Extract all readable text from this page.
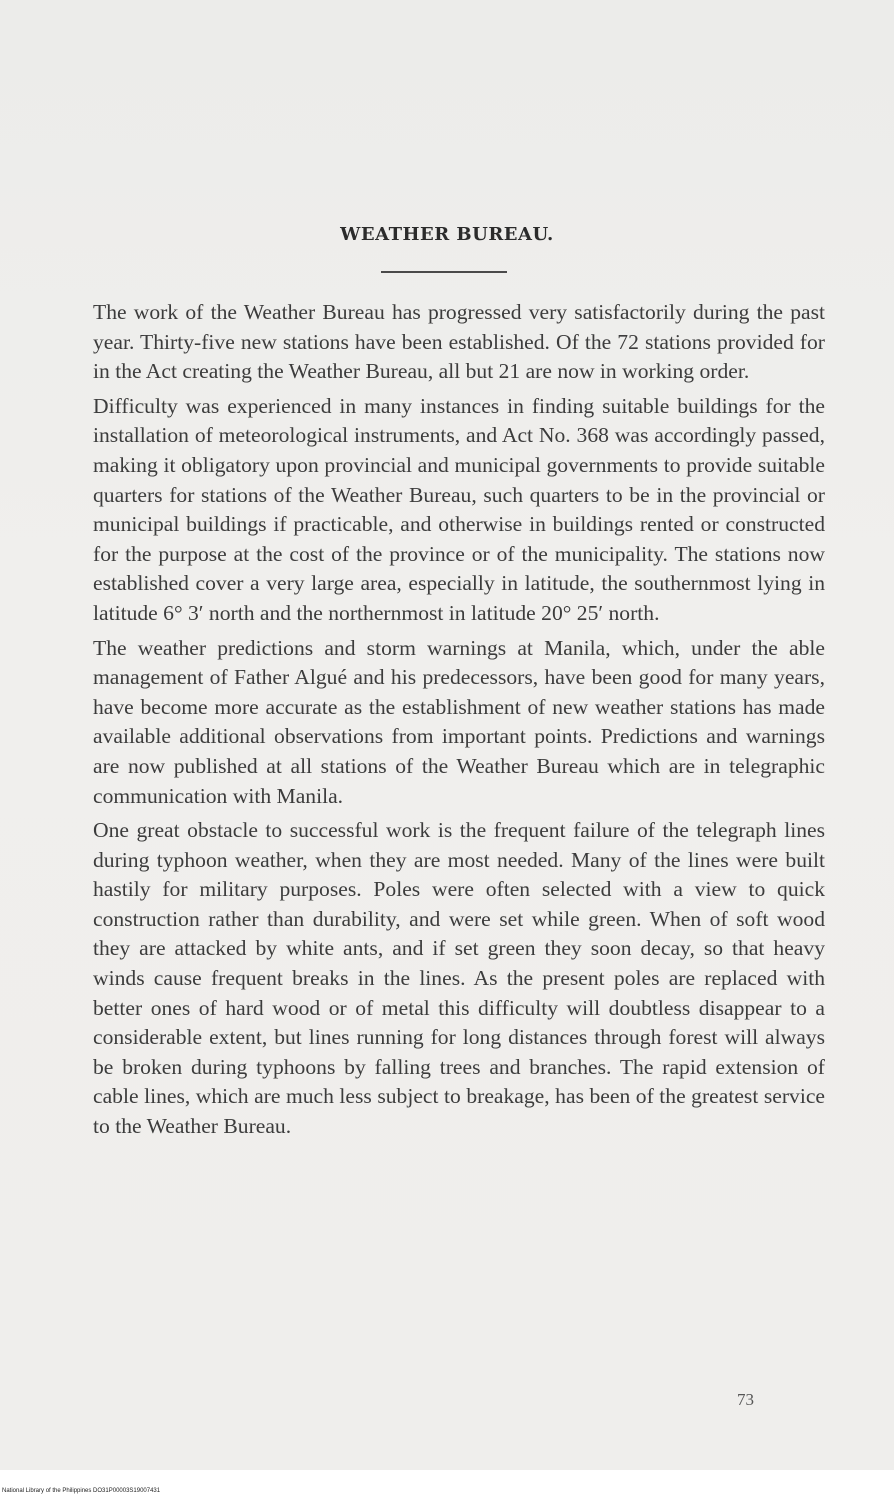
WEATHER BUREAU.

The work of the Weather Bureau has progressed very satisfactorily during the past year. Thirty-five new stations have been established. Of the 72 stations provided for in the Act creating the Weather Bureau, all but 21 are now in working order.

Difficulty was experienced in many instances in finding suitable buildings for the installation of meteorological instruments, and Act No. 368 was accordingly passed, making it obligatory upon provincial and municipal governments to provide suitable quarters for stations of the Weather Bureau, such quarters to be in the provincial or municipal buildings if practicable, and otherwise in buildings rented or constructed for the purpose at the cost of the province or of the municipality. The stations now established cover a very large area, especially in latitude, the southernmost lying in latitude 6° 3′ north and the northernmost in latitude 20° 25′ north.

The weather predictions and storm warnings at Manila, which, under the able management of Father Algué and his predecessors, have been good for many years, have become more accurate as the establishment of new weather stations has made available additional observations from important points. Predictions and warnings are now published at all stations of the Weather Bureau which are in telegraphic communication with Manila.

One great obstacle to successful work is the frequent failure of the telegraph lines during typhoon weather, when they are most needed. Many of the lines were built hastily for military purposes. Poles were often selected with a view to quick construction rather than durability, and were set while green. When of soft wood they are attacked by white ants, and if set green they soon decay, so that heavy winds cause frequent breaks in the lines. As the present poles are replaced with better ones of hard wood or of metal this difficulty will doubtless disappear to a considerable extent, but lines running for long distances through forest will always be broken during typhoons by falling trees and branches. The rapid extension of cable lines, which are much less subject to breakage, has been of the greatest service to the Weather Bureau.

73
National Library of the Philippines DO31P00003S19007431
